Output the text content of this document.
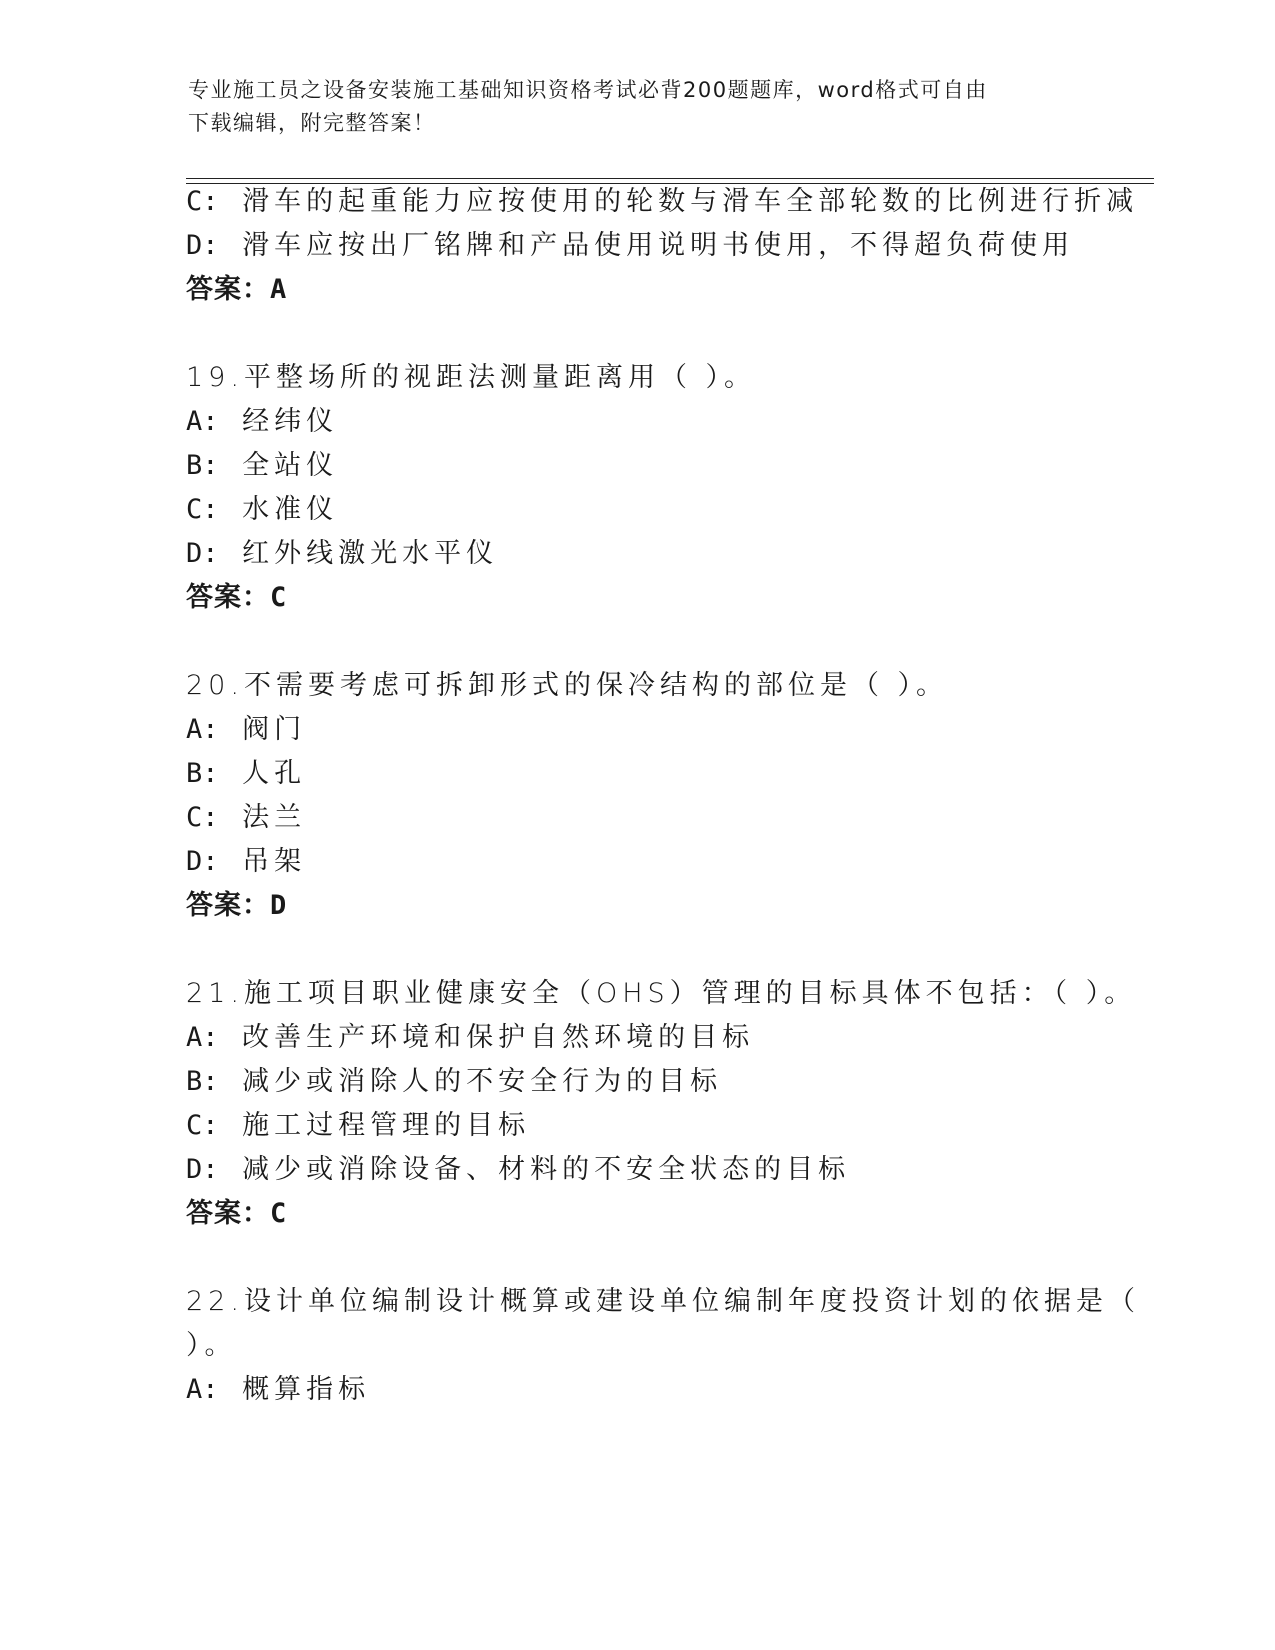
专业施工员之设备安装施工基础知识资格考试必背200题题库，word格式可自由
下载编辑，附完整答案！
C: 滑车的起重能力应按使用的轮数与滑车全部轮数的比例进行折减
D: 滑车应按出厂铭牌和产品使用说明书使用，不得超负荷使用
答案：A
19.平整场所的视距法测量距离用（ ）。
A: 经纬仪
B: 全站仪
C: 水准仪
D: 红外线激光水平仪
答案：C
20.不需要考虑可拆卸形式的保冷结构的部位是（ ）。
A: 阀门
B: 人孔
C: 法兰
D: 吊架
答案：D
21.施工项目职业健康安全（OHS）管理的目标具体不包括：（ ）。
A: 改善生产环境和保护自然环境的目标
B: 减少或消除人的不安全行为的目标
C: 施工过程管理的目标
D: 减少或消除设备、材料的不安全状态的目标
答案：C
22.设计单位编制设计概算或建设单位编制年度投资计划的依据是（
）。
A: 概算指标
